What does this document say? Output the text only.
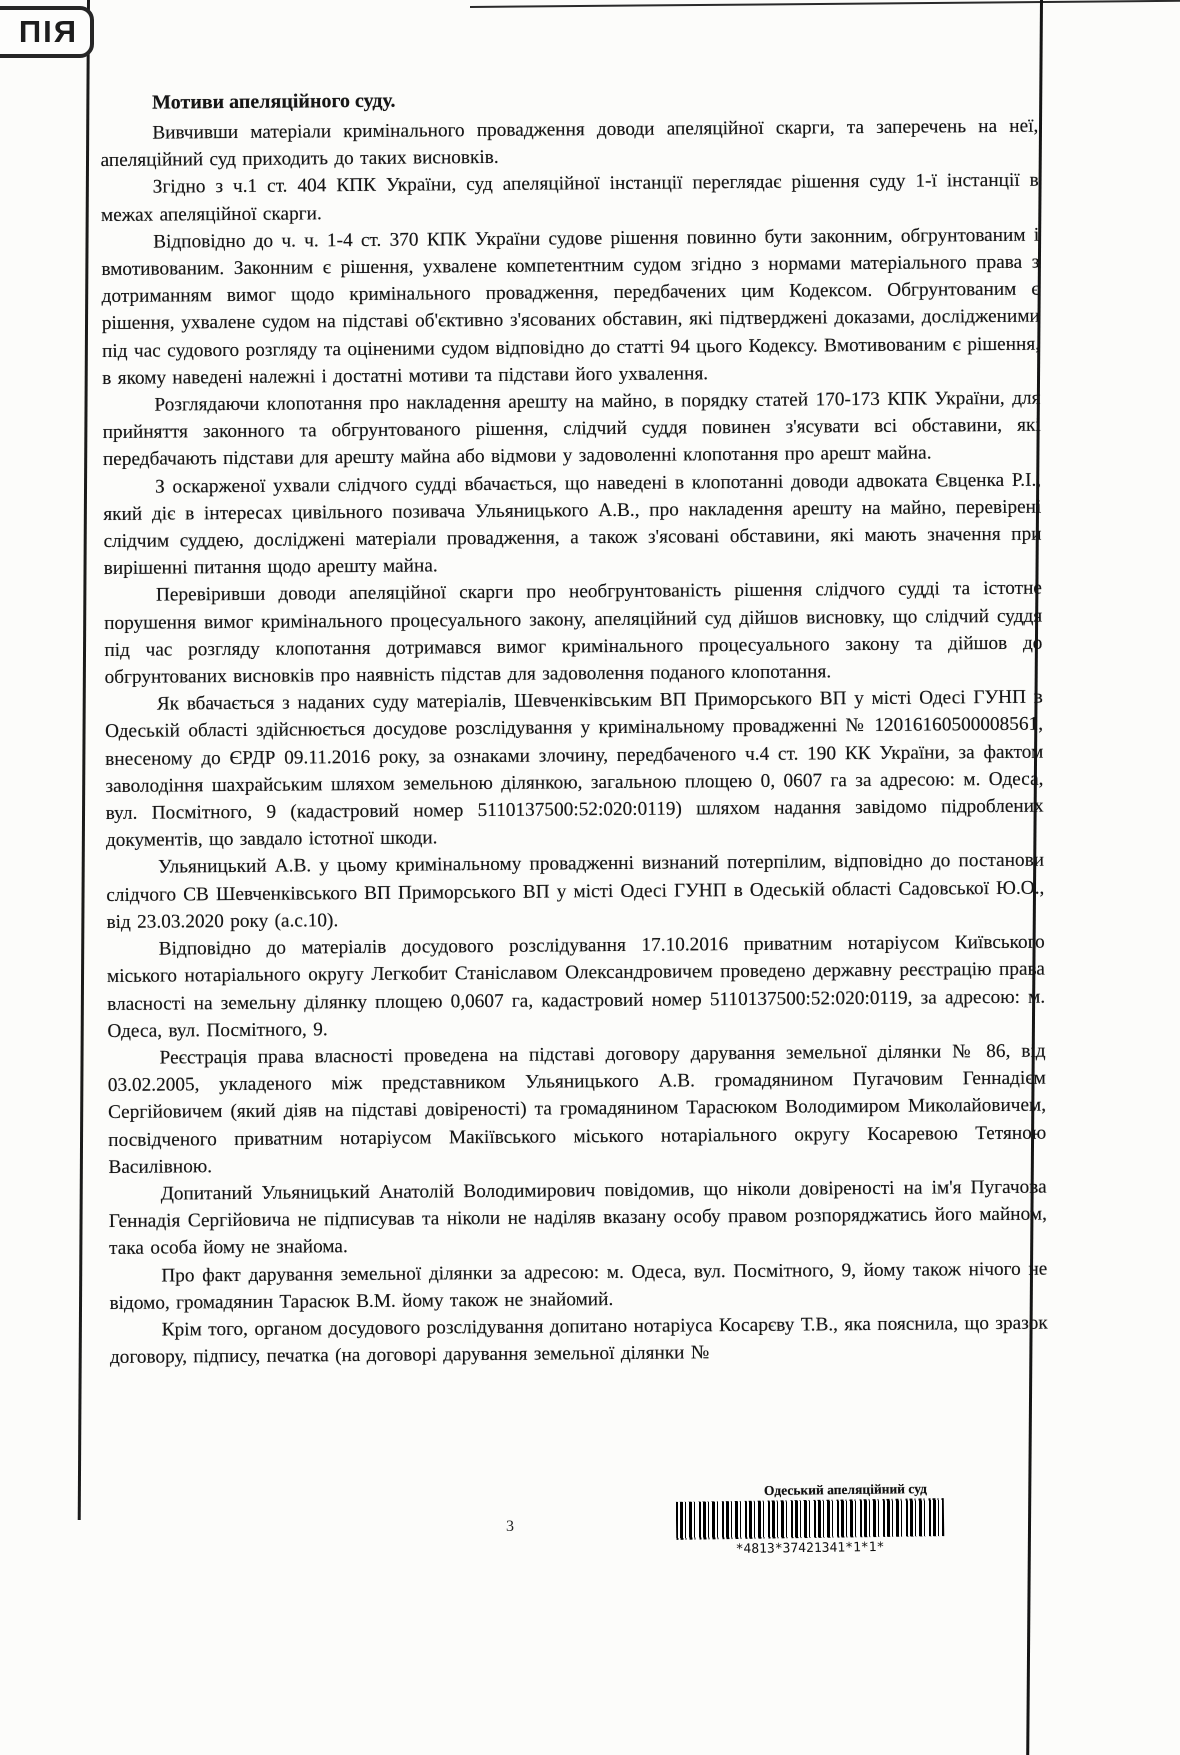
ПІЯ

Мотиви апеляційного суду.

Вивчивши матеріали кримінального провадження доводи апеляційної скарги, та заперечень на неї, апеляційний суд приходить до таких висновків.

Згідно з ч.1 ст. 404 КПК України, суд апеляційної інстанції переглядає рішення суду 1-ї інстанції в межах апеляційної скарги.

Відповідно до ч. ч. 1-4 ст. 370 КПК України судове рішення повинно бути законним, обгрунтованим і вмотивованим. Законним є рішення, ухвалене компетентним судом згідно з нормами матеріального права з дотриманням вимог щодо кримінального провадження, передбачених цим Кодексом. Обгрунтованим є рішення, ухвалене судом на підставі об'єктивно з'ясованих обставин, які підтверджені доказами, дослідженими під час судового розгляду та оціненими судом відповідно до статті 94 цього Кодексу. Вмотивованим є рішення, в якому наведені належні і достатні мотиви та підстави його ухвалення.

Розглядаючи клопотання про накладення арешту на майно, в порядку статей 170-173 КПК України, для прийняття законного та обгрунтованого рішення, слідчий суддя повинен з'ясувати всі обставини, які передбачають підстави для арешту майна або відмови у задоволенні клопотання про арешт майна.

З оскарженої ухвали слідчого судді вбачається, що наведені в клопотанні доводи адвоката Євценка Р.І., який діє в інтересах цивільного позивача Ульяницького А.В., про накладення арешту на майно, перевірені слідчим суддею, досліджені матеріали провадження, а також з'ясовані обставини, які мають значення при вирішенні питання щодо арешту майна.

Перевіривши доводи апеляційної скарги про необгрунтованість рішення слідчого судді та істотне порушення вимог кримінального процесуального закону, апеляційний суд дійшов висновку, що слідчий суддя під час розгляду клопотання дотримався вимог кримінального процесуального закону та дійшов до обгрунтованих висновків про наявність підстав для задоволення поданого клопотання.

Як вбачається з наданих суду матеріалів, Шевченківським ВП Приморського ВП у місті Одесі ГУНП в Одеській області здійснюється досудове розслідування у кримінальному провадженні № 12016160500008561, внесеному до ЄРДР 09.11.2016 року, за ознаками злочину, передбаченого ч.4 ст. 190 КК України, за фактом заволодіння шахрайським шляхом земельною ділянкою, загальною площею 0, 0607 га за адресою: м. Одеса, вул. Посмітного, 9 (кадастровий номер 5110137500:52:020:0119) шляхом надання завідомо підроблених документів, що завдало істотної шкоди.

Ульяницький А.В. у цьому кримінальному провадженні визнаний потерпілим, відповідно до постанови слідчого СВ Шевченківського ВП Приморського ВП у місті Одесі ГУНП в Одеській області Садовської Ю.О., від 23.03.2020 року (а.с.10).

Відповідно до матеріалів досудового розслідування 17.10.2016 приватним нотаріусом Київського міського нотаріального округу Легкобит Станіславом Олександровичем проведено державну реєстрацію права власності на земельну ділянку площею 0,0607 га, кадастровий номер 5110137500:52:020:0119, за адресою: м. Одеса, вул. Посмітного, 9.

Реєстрація права власності проведена на підставі договору дарування земельної ділянки № 86, від 03.02.2005, укладеного між представником Ульяницького А.В. громадянином Пугачовим Геннадієм Сергійовичем (який діяв на підставі довіреності) та громадянином Тарасюком Володимиром Миколайовичем, посвідченого приватним нотаріусом Макіївського міського нотаріального округу Косаревою Тетяною Василівною.

Допитаний Ульяницький Анатолій Володимирович повідомив, що ніколи довіреності на ім'я Пугачова Геннадія Сергійовича не підписував та ніколи не наділяв вказану особу правом розпоряджатись його майном, така особа йому не знайома.

Про факт дарування земельної ділянки за адресою: м. Одеса, вул. Посмітного, 9, йому також нічого не відомо, громадянин Тарасюк В.М. йому також не знайомий.

Крім того, органом досудового розслідування допитано нотаріуса Косарєву Т.В., яка пояснила, що зразок договору, підпису, печатка (на договорі дарування земельної ділянки №

Одеський апеляційний суд
*4813*37421341*1*1*
3
